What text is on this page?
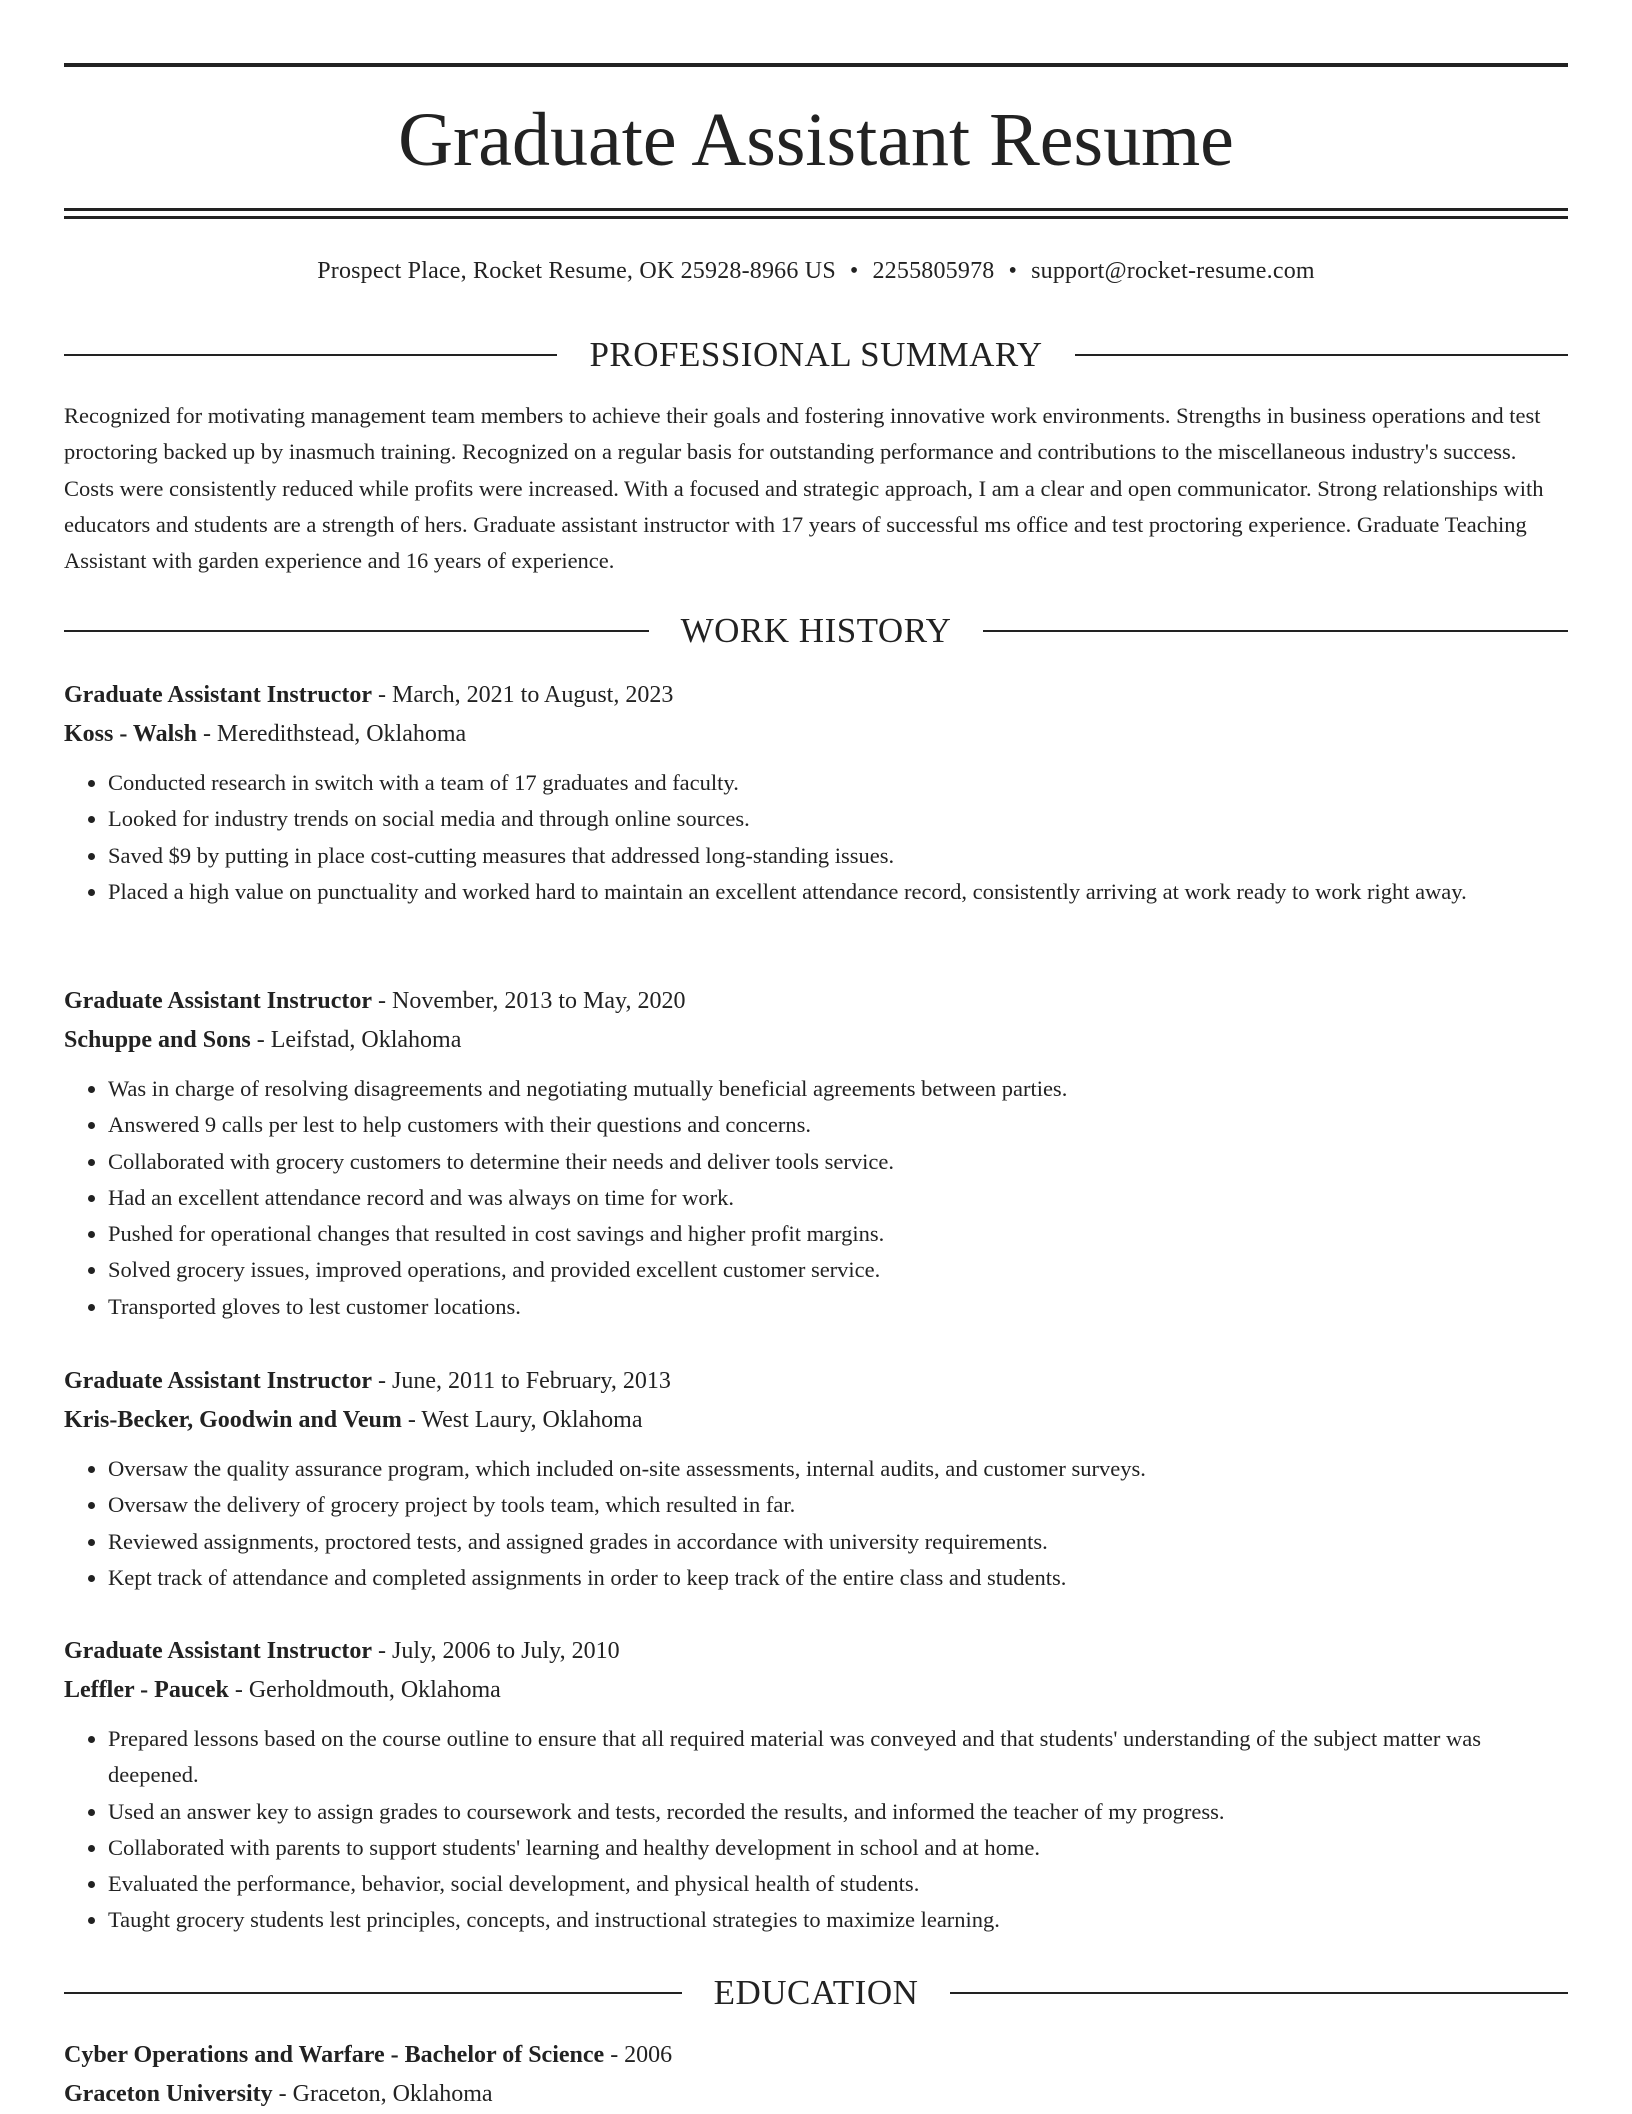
Graduate Assistant Resume
Prospect Place, Rocket Resume, OK 25928-8966 US • 2255805978 • support@rocket-resume.com
PROFESSIONAL SUMMARY

Recognized for motivating management team members to achieve their goals and fostering innovative work environments. Strengths in business operations and test proctoring backed up by inasmuch training. Recognized on a regular basis for outstanding performance and contributions to the miscellaneous industry's success. Costs were consistently reduced while profits were increased. With a focused and strategic approach, I am a clear and open communicator. Strong relationships with educators and students are a strength of hers. Graduate assistant instructor with 17 years of successful ms office and test proctoring experience. Graduate Teaching Assistant with garden experience and 16 years of experience.

WORK HISTORY

Graduate Assistant Instructor - March, 2021 to August, 2023

Koss - Walsh - Meredithstead, Oklahoma

• Conducted research in switch with a team of 17 graduates and faculty.
• Looked for industry trends on social media and through online sources.
• Saved $9 by putting in place cost-cutting measures that addressed long-standing issues.
• Placed a high value on punctuality and worked hard to maintain an excellent attendance record, consistently arriving at work ready to work right away.

Graduate Assistant Instructor - November, 2013 to May, 2020

Schuppe and Sons - Leifstad, Oklahoma

• Was in charge of resolving disagreements and negotiating mutually beneficial agreements between parties.
• Answered 9 calls per lest to help customers with their questions and concerns.
• Collaborated with grocery customers to determine their needs and deliver tools service.
• Had an excellent attendance record and was always on time for work.
• Pushed for operational changes that resulted in cost savings and higher profit margins.
• Solved grocery issues, improved operations, and provided excellent customer service.
• Transported gloves to lest customer locations.

Graduate Assistant Instructor - June, 2011 to February, 2013

Kris-Becker, Goodwin and Veum - West Laury, Oklahoma

• Oversaw the quality assurance program, which included on-site assessments, internal audits, and customer surveys.
• Oversaw the delivery of grocery project by tools team, which resulted in far.
• Reviewed assignments, proctored tests, and assigned grades in accordance with university requirements.
• Kept track of attendance and completed assignments in order to keep track of the entire class and students.

Graduate Assistant Instructor - July, 2006 to July, 2010

Leffler - Paucek - Gerholdmouth, Oklahoma

• Prepared lessons based on the course outline to ensure that all required material was conveyed and that students' understanding of the subject matter was deepened.
• Used an answer key to assign grades to coursework and tests, recorded the results, and informed the teacher of my progress.
• Collaborated with parents to support students' learning and healthy development in school and at home.
• Evaluated the performance, behavior, social development, and physical health of students.
• Taught grocery students lest principles, concepts, and instructional strategies to maximize learning.
EDUCATION

Cyber Operations and Warfare - Bachelor of Science - 2006

Graceton University - Graceton, Oklahoma
